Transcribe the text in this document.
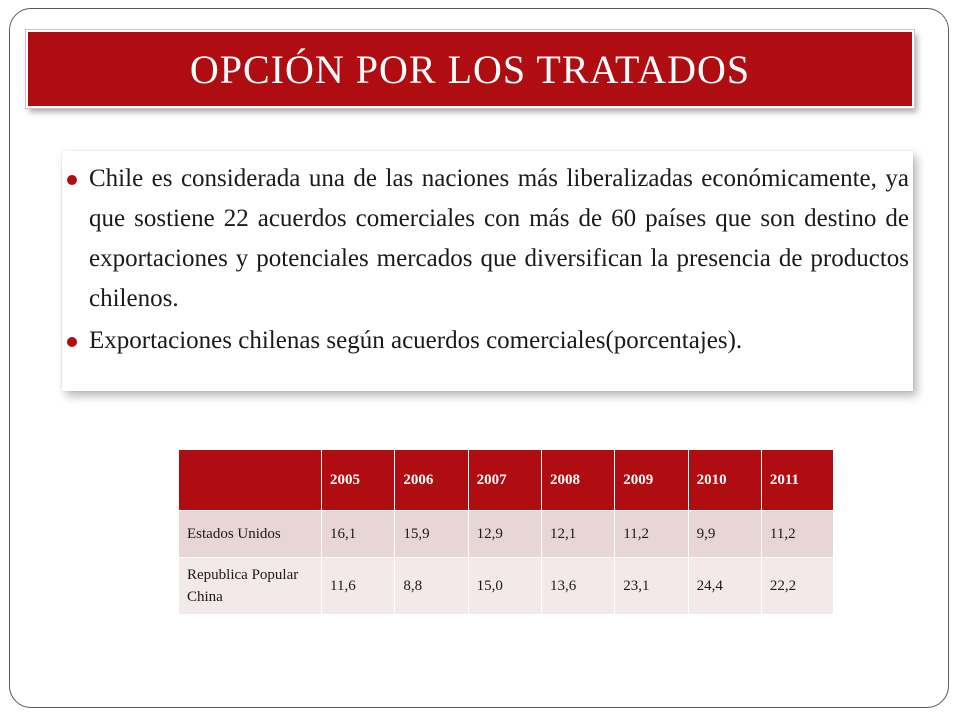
OPCIÓN POR LOS TRATADOS
Chile es considerada una de las naciones más liberalizadas económicamente, ya que sostiene 22 acuerdos comerciales con más de 60 países que son destino de exportaciones y potenciales mercados que diversifican la presencia de productos chilenos.
Exportaciones chilenas según acuerdos comerciales(porcentajes).
	2005	2006	2007	2008	2009	2010	2011
Estados Unidos	16,1	15,9	12,9	12,1	11,2	9,9	11,2
Republica Popular China	11,6	8,8	15,0	13,6	23,1	24,4	22,2
